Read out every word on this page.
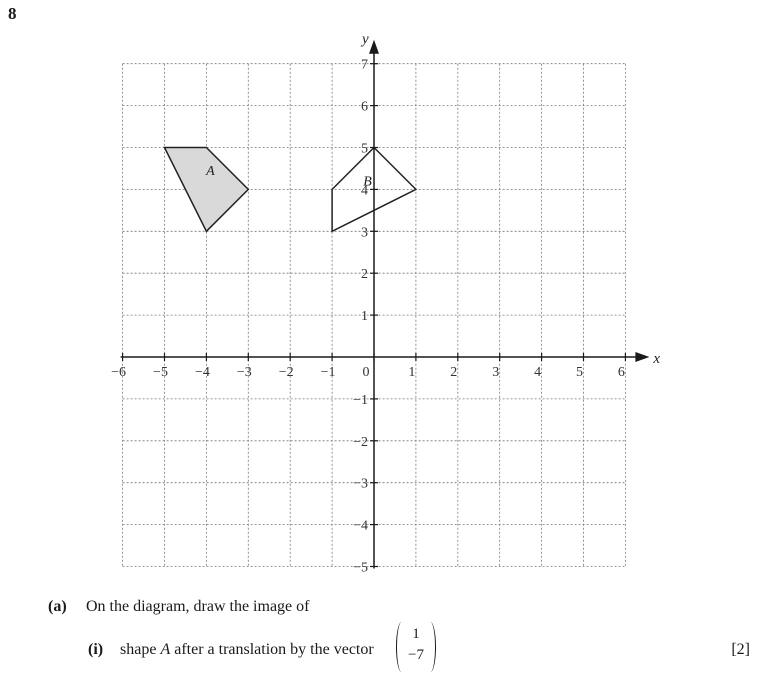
8
A
B
x
y
−6 −5 −4 −3 −2 −1 0	1 2 3 4 5 6
−5
−4
−3
−2
−1
1
2
3
4
5
6
7
(a) On the diagram, draw the image of
(i) shape A after a translation by the vector
1
−7	[2]
